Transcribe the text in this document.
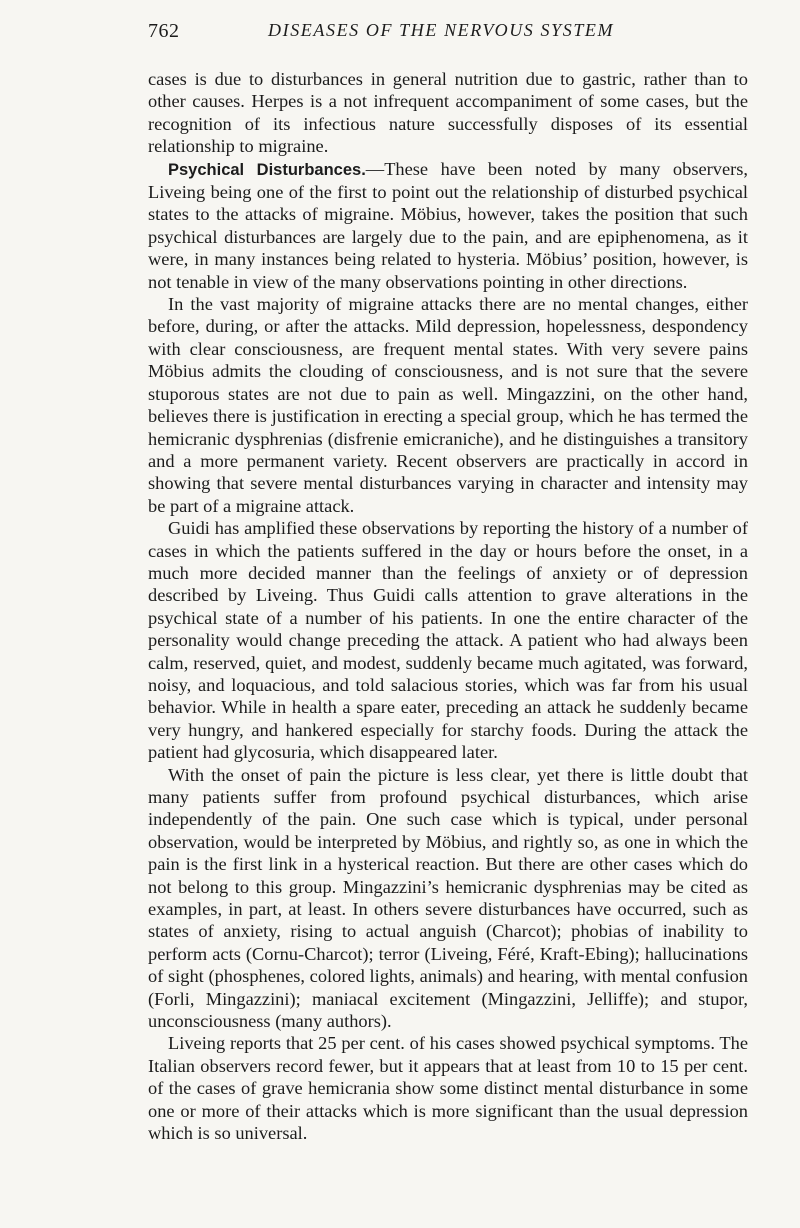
762	DISEASES OF THE NERVOUS SYSTEM

cases is due to disturbances in general nutrition due to gastric, rather than to other causes. Herpes is a not infrequent accompaniment of some cases, but the recognition of its infectious nature successfully disposes of its essential relationship to migraine.

Psychical Disturbances.—These have been noted by many observers, Liveing being one of the first to point out the relationship of disturbed psychical states to the attacks of migraine. Möbius, however, takes the position that such psychical disturbances are largely due to the pain, and are epiphenomena, as it were, in many instances being related to hysteria. Möbius’ position, however, is not tenable in view of the many observations pointing in other directions.

In the vast majority of migraine attacks there are no mental changes, either before, during, or after the attacks. Mild depression, hopelessness, despondency with clear consciousness, are frequent mental states. With very severe pains Möbius admits the clouding of consciousness, and is not sure that the severe stuporous states are not due to pain as well. Mingazzini, on the other hand, believes there is justification in erecting a special group, which he has termed the hemicranic dysphrenias (disfrenie emicraniche), and he distinguishes a transitory and a more permanent variety. Recent observers are practically in accord in showing that severe mental disturbances varying in character and intensity may be part of a migraine attack.

Guidi has amplified these observations by reporting the history of a number of cases in which the patients suffered in the day or hours before the onset, in a much more decided manner than the feelings of anxiety or of depression described by Liveing. Thus Guidi calls attention to grave alterations in the psychical state of a number of his patients. In one the entire character of the personality would change preceding the attack. A patient who had always been calm, reserved, quiet, and modest, suddenly became much agitated, was forward, noisy, and loquacious, and told salacious stories, which was far from his usual behavior. While in health a spare eater, preceding an attack he suddenly became very hungry, and hankered especially for starchy foods. During the attack the patient had glycosuria, which disappeared later.

With the onset of pain the picture is less clear, yet there is little doubt that many patients suffer from profound psychical disturbances, which arise independently of the pain. One such case which is typical, under personal observation, would be interpreted by Möbius, and rightly so, as one in which the pain is the first link in a hysterical reaction. But there are other cases which do not belong to this group. Mingazzini’s hemicranic dysphrenias may be cited as examples, in part, at least. In others severe disturbances have occurred, such as states of anxiety, rising to actual anguish (Charcot); phobias of inability to perform acts (Cornu-Charcot); terror (Liveing, Féré, Kraft-Ebing); hallucinations of sight (phosphenes, colored lights, animals) and hearing, with mental confusion (Forli, Mingazzini); maniacal excitement (Mingazzini, Jelliffe); and stupor, unconsciousness (many authors).

Liveing reports that 25 per cent. of his cases showed psychical symptoms. The Italian observers record fewer, but it appears that at least from 10 to 15 per cent. of the cases of grave hemicrania show some distinct mental disturbance in some one or more of their attacks which is more significant than the usual depression which is so universal.
